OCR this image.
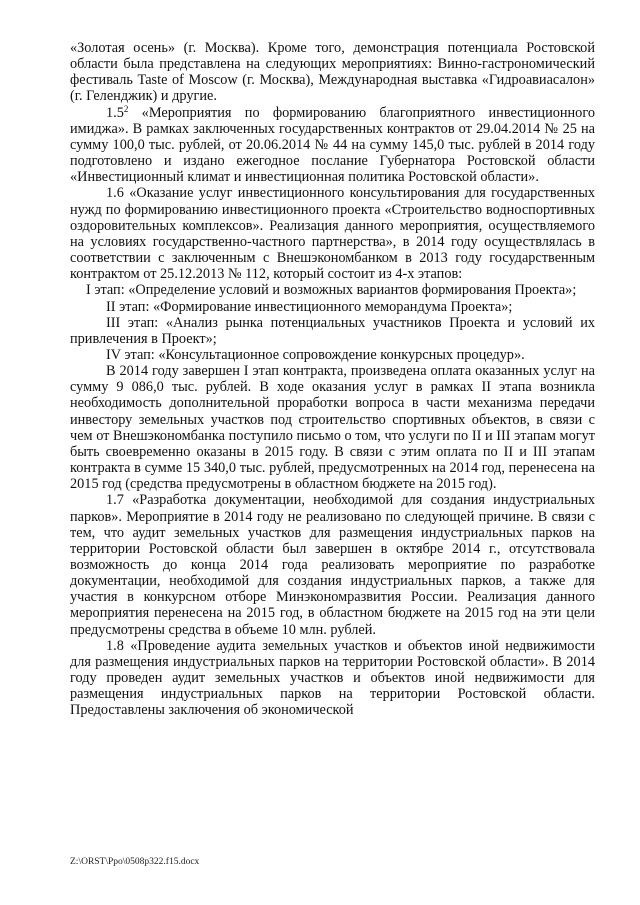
«Золотая осень» (г. Москва). Кроме того, демонстрация потенциала Ростовской области была представлена на следующих мероприятиях: Винно-гастрономический фестиваль Taste of Moscow (г. Москва), Международная выставка «Гидроавиасалон» (г. Геленджик) и другие.

$1.5^2$ «Мероприятия по формированию благоприятного инвестиционного имиджа». В рамках заключенных государственных контрактов от 29.04.2014 № 25 на сумму 100,0 тыс. рублей, от 20.06.2014 № 44 на сумму 145,0 тыс. рублей в 2014 году подготовлено и издано ежегодное послание Губернатора Ростовской области «Инвестиционный климат и инвестиционная политика Ростовской области».

1.6 «Оказание услуг инвестиционного консультирования для государственных нужд по формированию инвестиционного проекта «Строительство водноспортивных оздоровительных комплексов». Реализация данного мероприятия, осуществляемого на условиях государственно-частного партнерства», в 2014 году осуществлялась в соответствии с заключенным с Внешэкономбанком в 2013 году государственным контрактом от 25.12.2013 № 112, который состоит из 4-х этапов:

I этап: «Определение условий и возможных вариантов формирования Проекта»;

II этап: «Формирование инвестиционного меморандума Проекта»;

III этап: «Анализ рынка потенциальных участников Проекта и условий их привлечения в Проект»;

IV этап: «Консультационное сопровождение конкурсных процедур».

В 2014 году завершен I этап контракта, произведена оплата оказанных услуг на сумму 9 086,0 тыс. рублей. В ходе оказания услуг в рамках II этапа возникла необходимость дополнительной проработки вопроса в части механизма передачи инвестору земельных участков под строительство спортивных объектов, в связи с чем от Внешэкономбанка поступило письмо о том, что услуги по II и III этапам могут быть своевременно оказаны в 2015 году. В связи с этим оплата по II и III этапам контракта в сумме 15 340,0 тыс. рублей, предусмотренных на 2014 год, перенесена на 2015 год (средства предусмотрены в областном бюджете на 2015 год).

1.7 «Разработка документации, необходимой для создания индустриальных парков». Мероприятие в 2014 году не реализовано по следующей причине. В связи с тем, что аудит земельных участков для размещения индустриальных парков на территории Ростовской области был завершен в октябре 2014 г., отсутствовала возможность до конца 2014 года реализовать мероприятие по разработке документации, необходимой для создания индустриальных парков, а также для участия в конкурсном отборе Минэкономразвития России. Реализация данного мероприятия перенесена на 2015 год, в областном бюджете на 2015 год на эти цели предусмотрены средства в объеме 10 млн. рублей.

1.8 «Проведение аудита земельных участков и объектов иной недвижимости для размещения индустриальных парков на территории Ростовской области». В 2014 году проведен аудит земельных участков и объектов иной недвижимости для размещения индустриальных парков на территории Ростовской области. Предоставлены заключения об экономической

Z:\ORST\Ppo\0508p322.f15.docx
